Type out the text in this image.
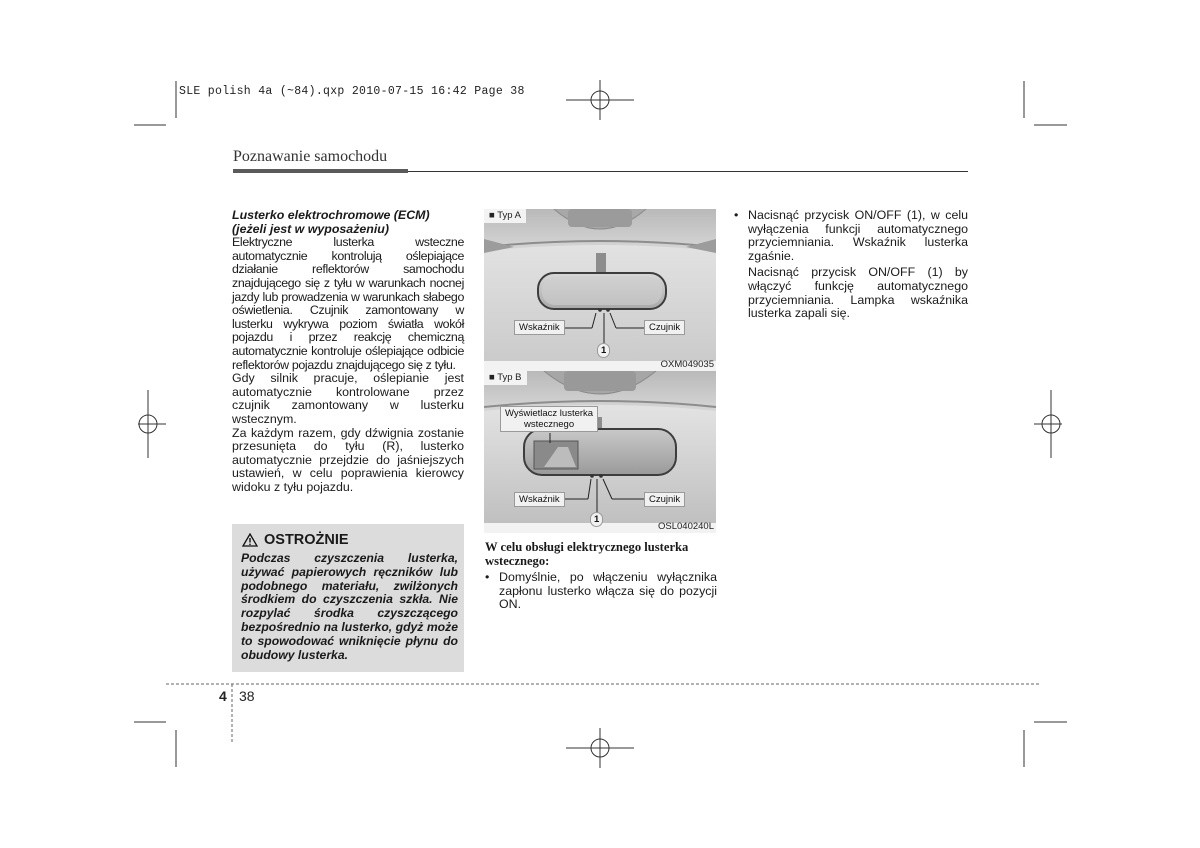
SLE polish 4a (~84).qxp 2010-07-15 16:42 Page 38
Poznawanie samochodu
Lusterko elektrochromowe (ECM)
(jeżeli jest w wyposażeniu)

Elektryczne lusterka wsteczne automatycznie kontrolują oślepiające działanie reflektorów samochodu znajdującego się z tyłu w warunkach nocnej jazdy lub prowadzenia w warunkach słabego oświetlenia. Czujnik zamontowany w lusterku wykrywa poziom światła wokół pojazdu i przez reakcję chemiczną automatycznie kontroluje oślepiające odbicie reflektorów pojazdu znajdującego się z tyłu.

Gdy silnik pracuje, oślepianie jest automatycznie kontrolowane przez czujnik zamontowany w lusterku wstecznym.

Za każdym razem, gdy dźwignia zostanie przesunięta do tyłu (R), lusterko automatycznie przejdzie do jaśniejszych ustawień, w celu poprawienia kierowcy widoku z tyłu pojazdu.

OSTROŻNIE
Podczas czyszczenia lusterka, używać papierowych ręczników lub podobnego materiału, zwilżonych środkiem do czyszczenia szkła. Nie rozpylać środka czyszczącego bezpośrednio na lusterko, gdyż może to spowodować wniknięcie płynu do obudowy lusterka.
■ Typ A
Wskaźnik	Czujnik
1
OXM049035
■ Typ B
Wyświetlacz lusterka
wstecznego
Wskaźnik	Czujnik
1
OSL040240L
W celu obsługi elektrycznego lusterka
wstecznego:
• Domyślnie, po włączeniu wyłącznika zapłonu lusterko włącza się do pozycji ON.
• Nacisnąć przycisk ON/OFF (1), w celu wyłączenia funkcji automatycznego przyciemniania. Wskaźnik lusterka zgaśnie.
Nacisnąć przycisk ON/OFF (1) by włączyć funkcję automatycznego przyciemniania. Lampka wskaźnika lusterka zapali się.
4 38
